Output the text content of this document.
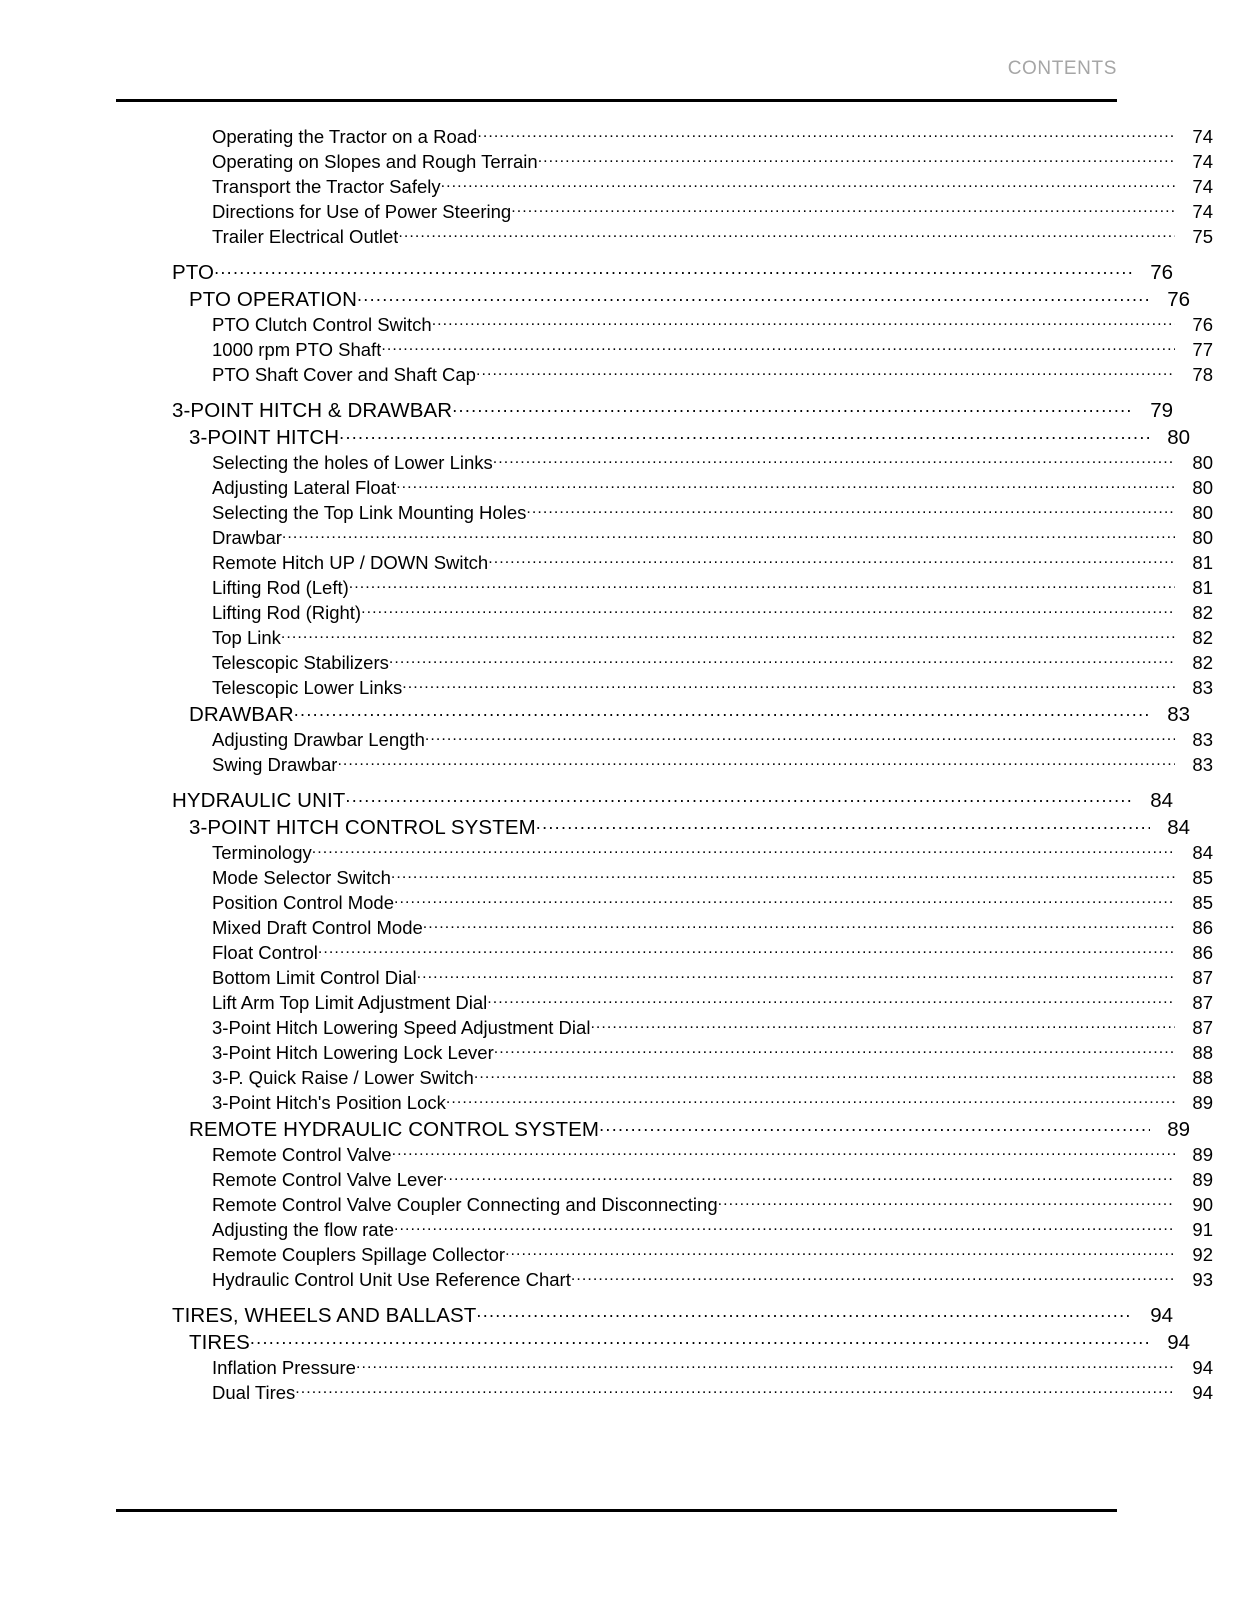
CONTENTS
Operating the Tractor on a Road .....	74
Operating on Slopes and Rough Terrain .....	74
Transport the Tractor Safely .....	74
Directions for Use of Power Steering .....	74
Trailer Electrical Outlet .....	75
PTO .....	76
PTO OPERATION .....	76
PTO Clutch Control Switch .....	76
1000 rpm PTO Shaft .....	77
PTO Shaft Cover and Shaft Cap .....	78
3-POINT HITCH & DRAWBAR .....	79
3-POINT HITCH .....	80
Selecting the holes of Lower Links .....	80
Adjusting Lateral Float .....	80
Selecting the Top Link Mounting Holes .....	80
Drawbar .....	80
Remote Hitch UP / DOWN Switch .....	81
Lifting Rod (Left) .....	81
Lifting Rod (Right) .....	82
Top Link .....	82
Telescopic Stabilizers .....	82
Telescopic Lower Links .....	83
DRAWBAR .....	83
Adjusting Drawbar Length .....	83
Swing Drawbar .....	83
HYDRAULIC UNIT .....	84
3-POINT HITCH CONTROL SYSTEM .....	84
Terminology .....	84
Mode Selector Switch .....	85
Position Control Mode .....	85
Mixed Draft Control Mode .....	86
Float Control .....	86
Bottom Limit Control Dial .....	87
Lift Arm Top Limit Adjustment Dial .....	87
3-Point Hitch Lowering Speed Adjustment Dial .....	87
3-Point Hitch Lowering Lock Lever .....	88
3-P. Quick Raise / Lower Switch .....	88
3-Point Hitch's Position Lock .....	89
REMOTE HYDRAULIC CONTROL SYSTEM .....	89
Remote Control Valve .....	89
Remote Control Valve Lever .....	89
Remote Control Valve Coupler Connecting and Disconnecting .....	90
Adjusting the flow rate .....	91
Remote Couplers Spillage Collector .....	92
Hydraulic Control Unit Use Reference Chart .....	93
TIRES, WHEELS AND BALLAST .....	94
TIRES .....	94
Inflation Pressure .....	94
Dual Tires .....	94
